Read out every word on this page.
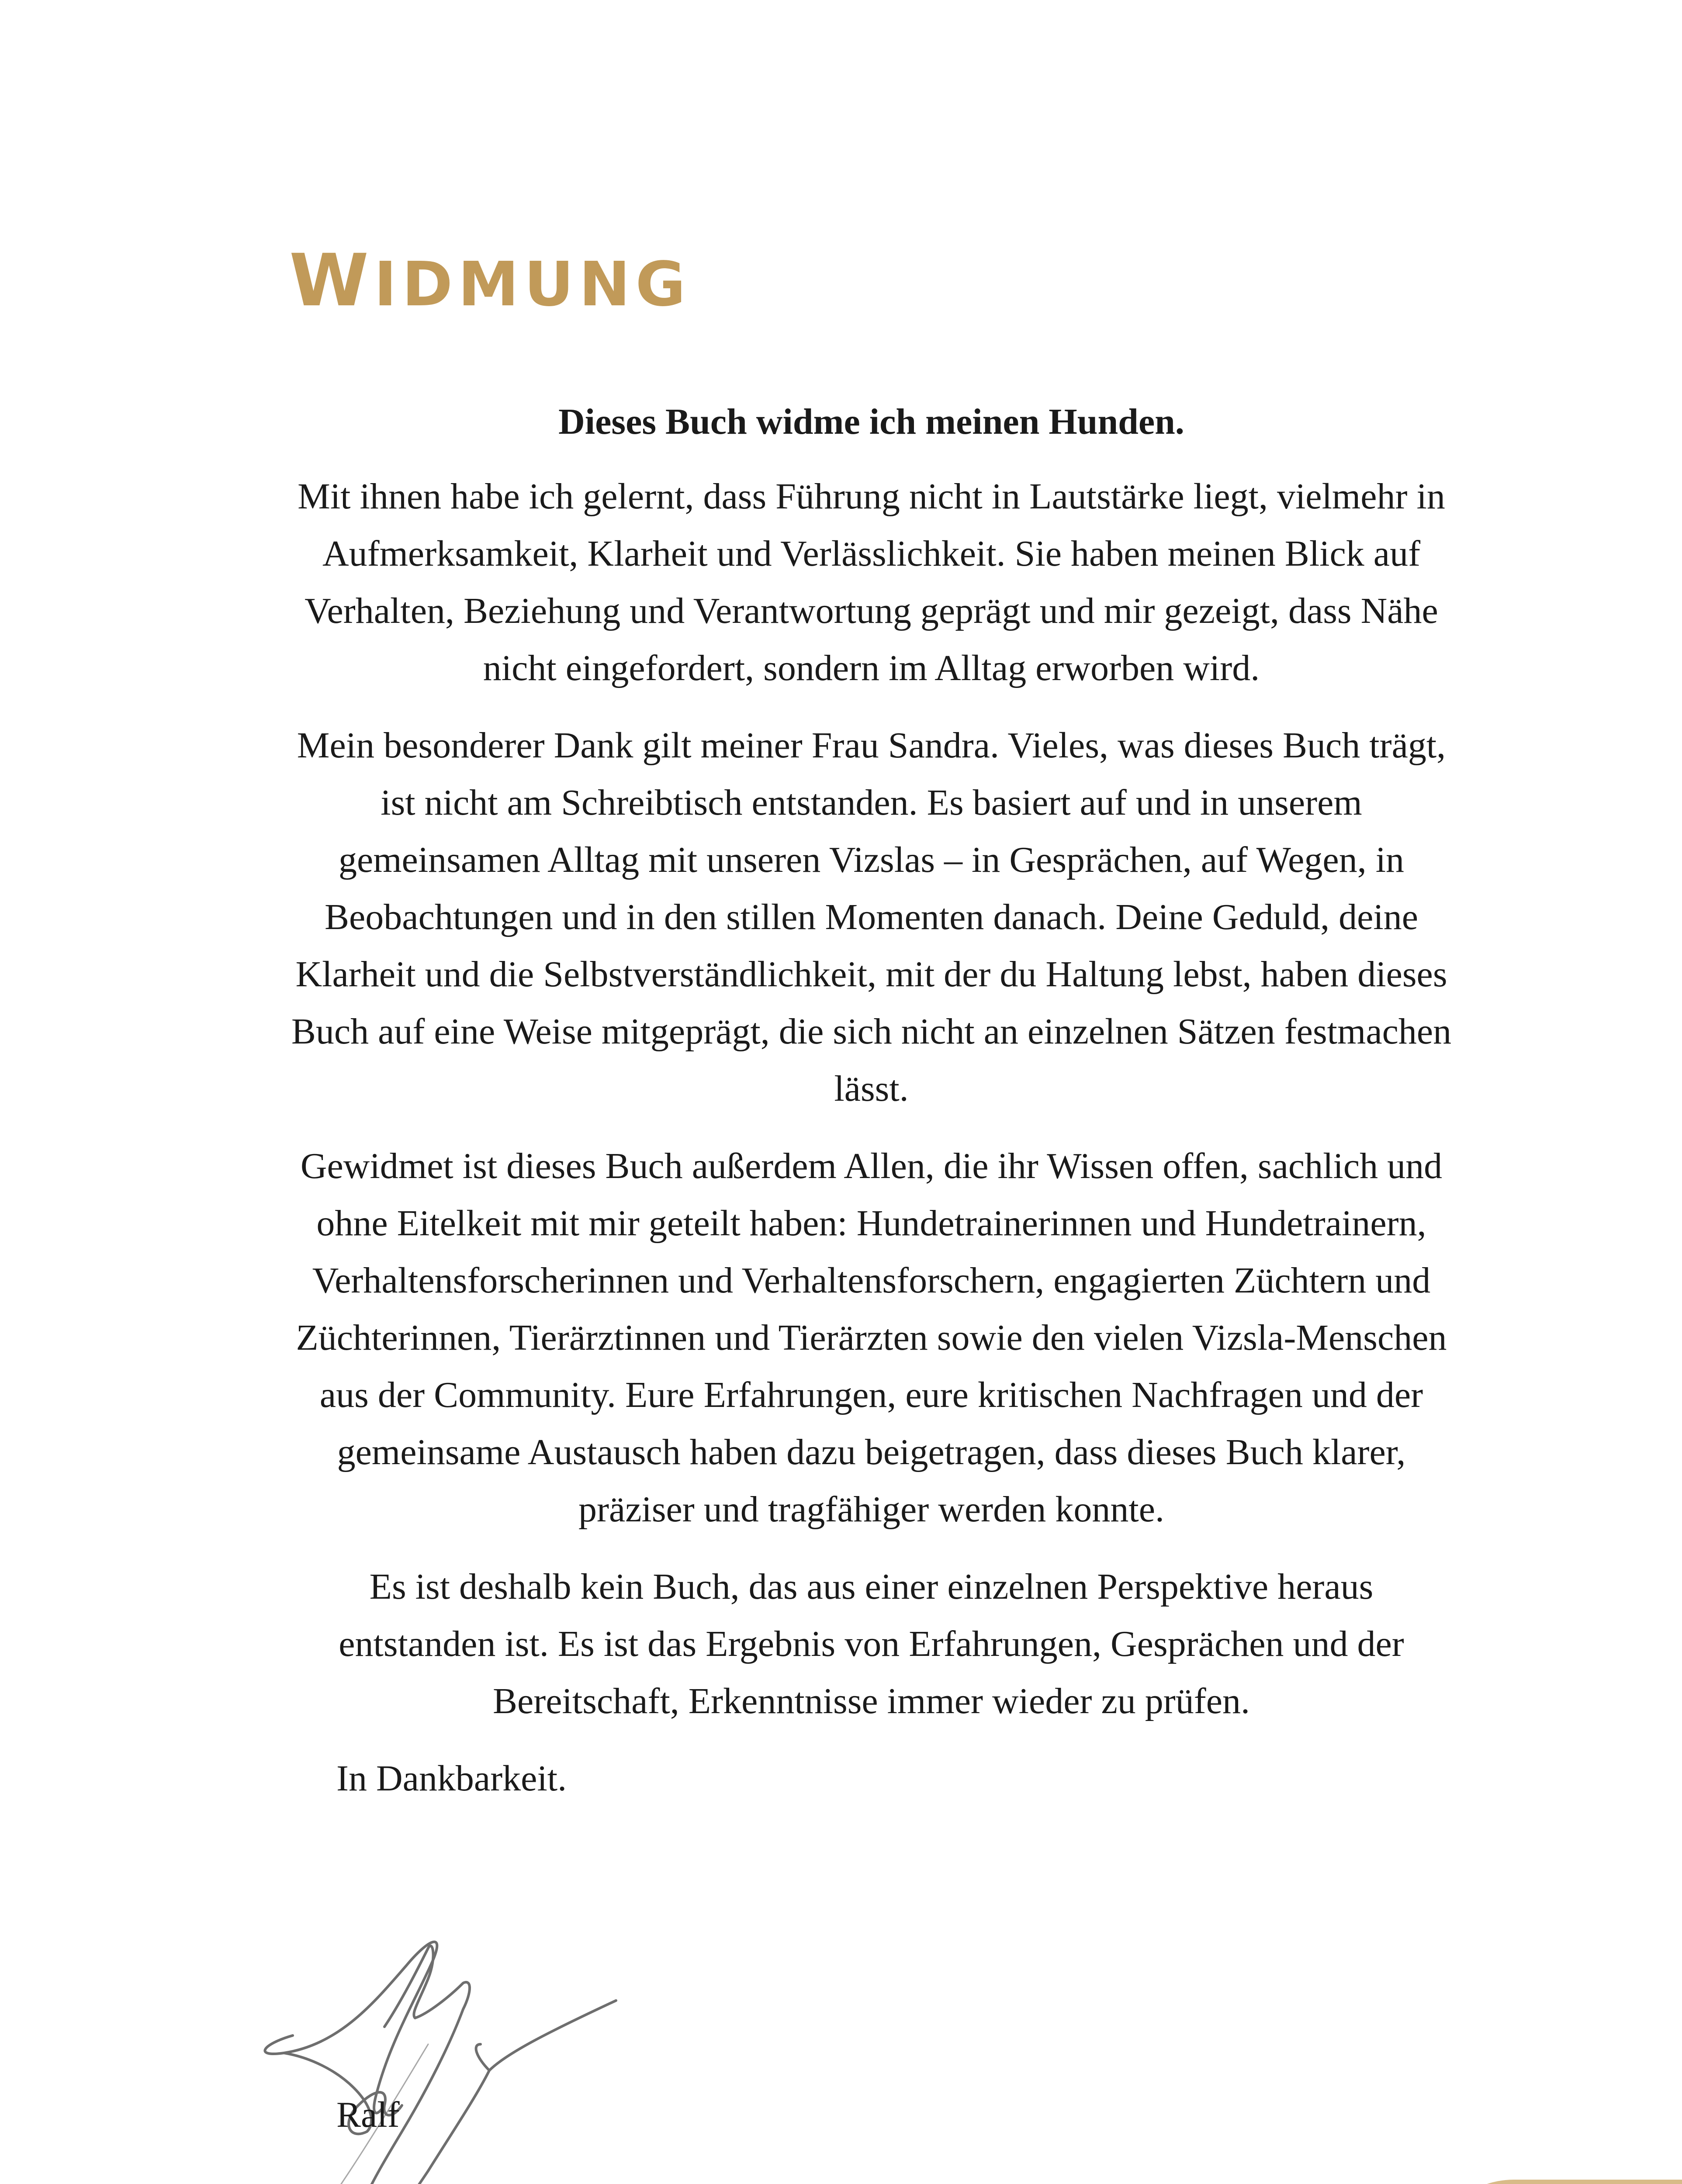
WIDMUNG

Dieses Buch widme ich meinen Hunden.

Mit ihnen habe ich gelernt, dass Führung nicht in Lautstärke liegt, vielmehr in Aufmerksamkeit, Klarheit und Verlässlichkeit. Sie haben meinen Blick auf Verhalten, Beziehung und Verantwortung geprägt und mir gezeigt, dass Nähe nicht eingefordert, sondern im Alltag erworben wird.

Mein besonderer Dank gilt meiner Frau Sandra. Vieles, was dieses Buch trägt, ist nicht am Schreibtisch entstanden. Es basiert auf und in unserem gemeinsamen Alltag mit unseren Vizslas – in Gesprächen, auf Wegen, in Beobachtungen und in den stillen Momenten danach. Deine Geduld, deine Klarheit und die Selbstverständlichkeit, mit der du Haltung lebst, haben dieses Buch auf eine Weise mitgeprägt, die sich nicht an einzelnen Sätzen festmachen lässt.

Gewidmet ist dieses Buch außerdem Allen, die ihr Wissen offen, sachlich und ohne Eitelkeit mit mir geteilt haben: Hundetrainerinnen und Hundetrainern, Verhaltensforscherinnen und Verhaltensforschern, engagierten Züchtern und Züchterinnen, Tierärztinnen und Tierärzten sowie den vielen Vizsla-Menschen aus der Community. Eure Erfahrungen, eure kritischen Nachfragen und der gemeinsame Austausch haben dazu beigetragen, dass dieses Buch klarer, präziser und tragfähiger werden konnte.

Es ist deshalb kein Buch, das aus einer einzelnen Perspektive heraus entstanden ist. Es ist das Ergebnis von Erfahrungen, Gesprächen und der Bereitschaft, Erkenntnisse immer wieder zu prüfen.

In Dankbarkeit.

Ralf
